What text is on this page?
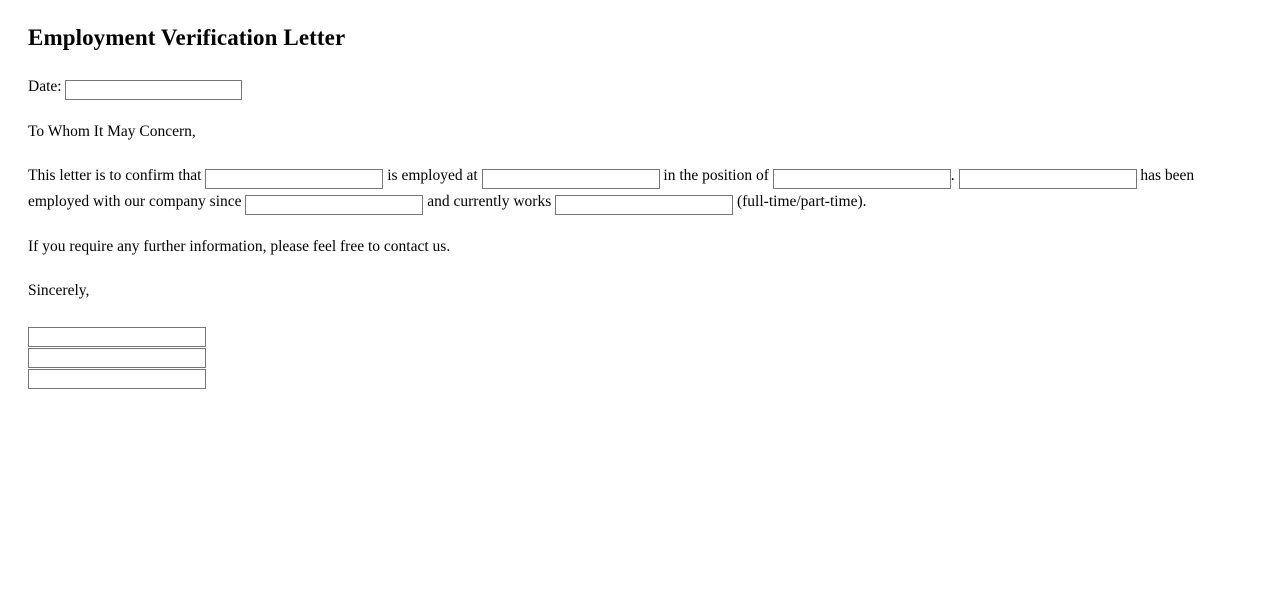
Employment Verification Letter

Date:

To Whom It May Concern,

This letter is to confirm that	is employed at	in the position of	.	has been employed with our company since	and currently works	(full-time/part-time).

If you require any further information, please feel free to contact us.

Sincerely,
